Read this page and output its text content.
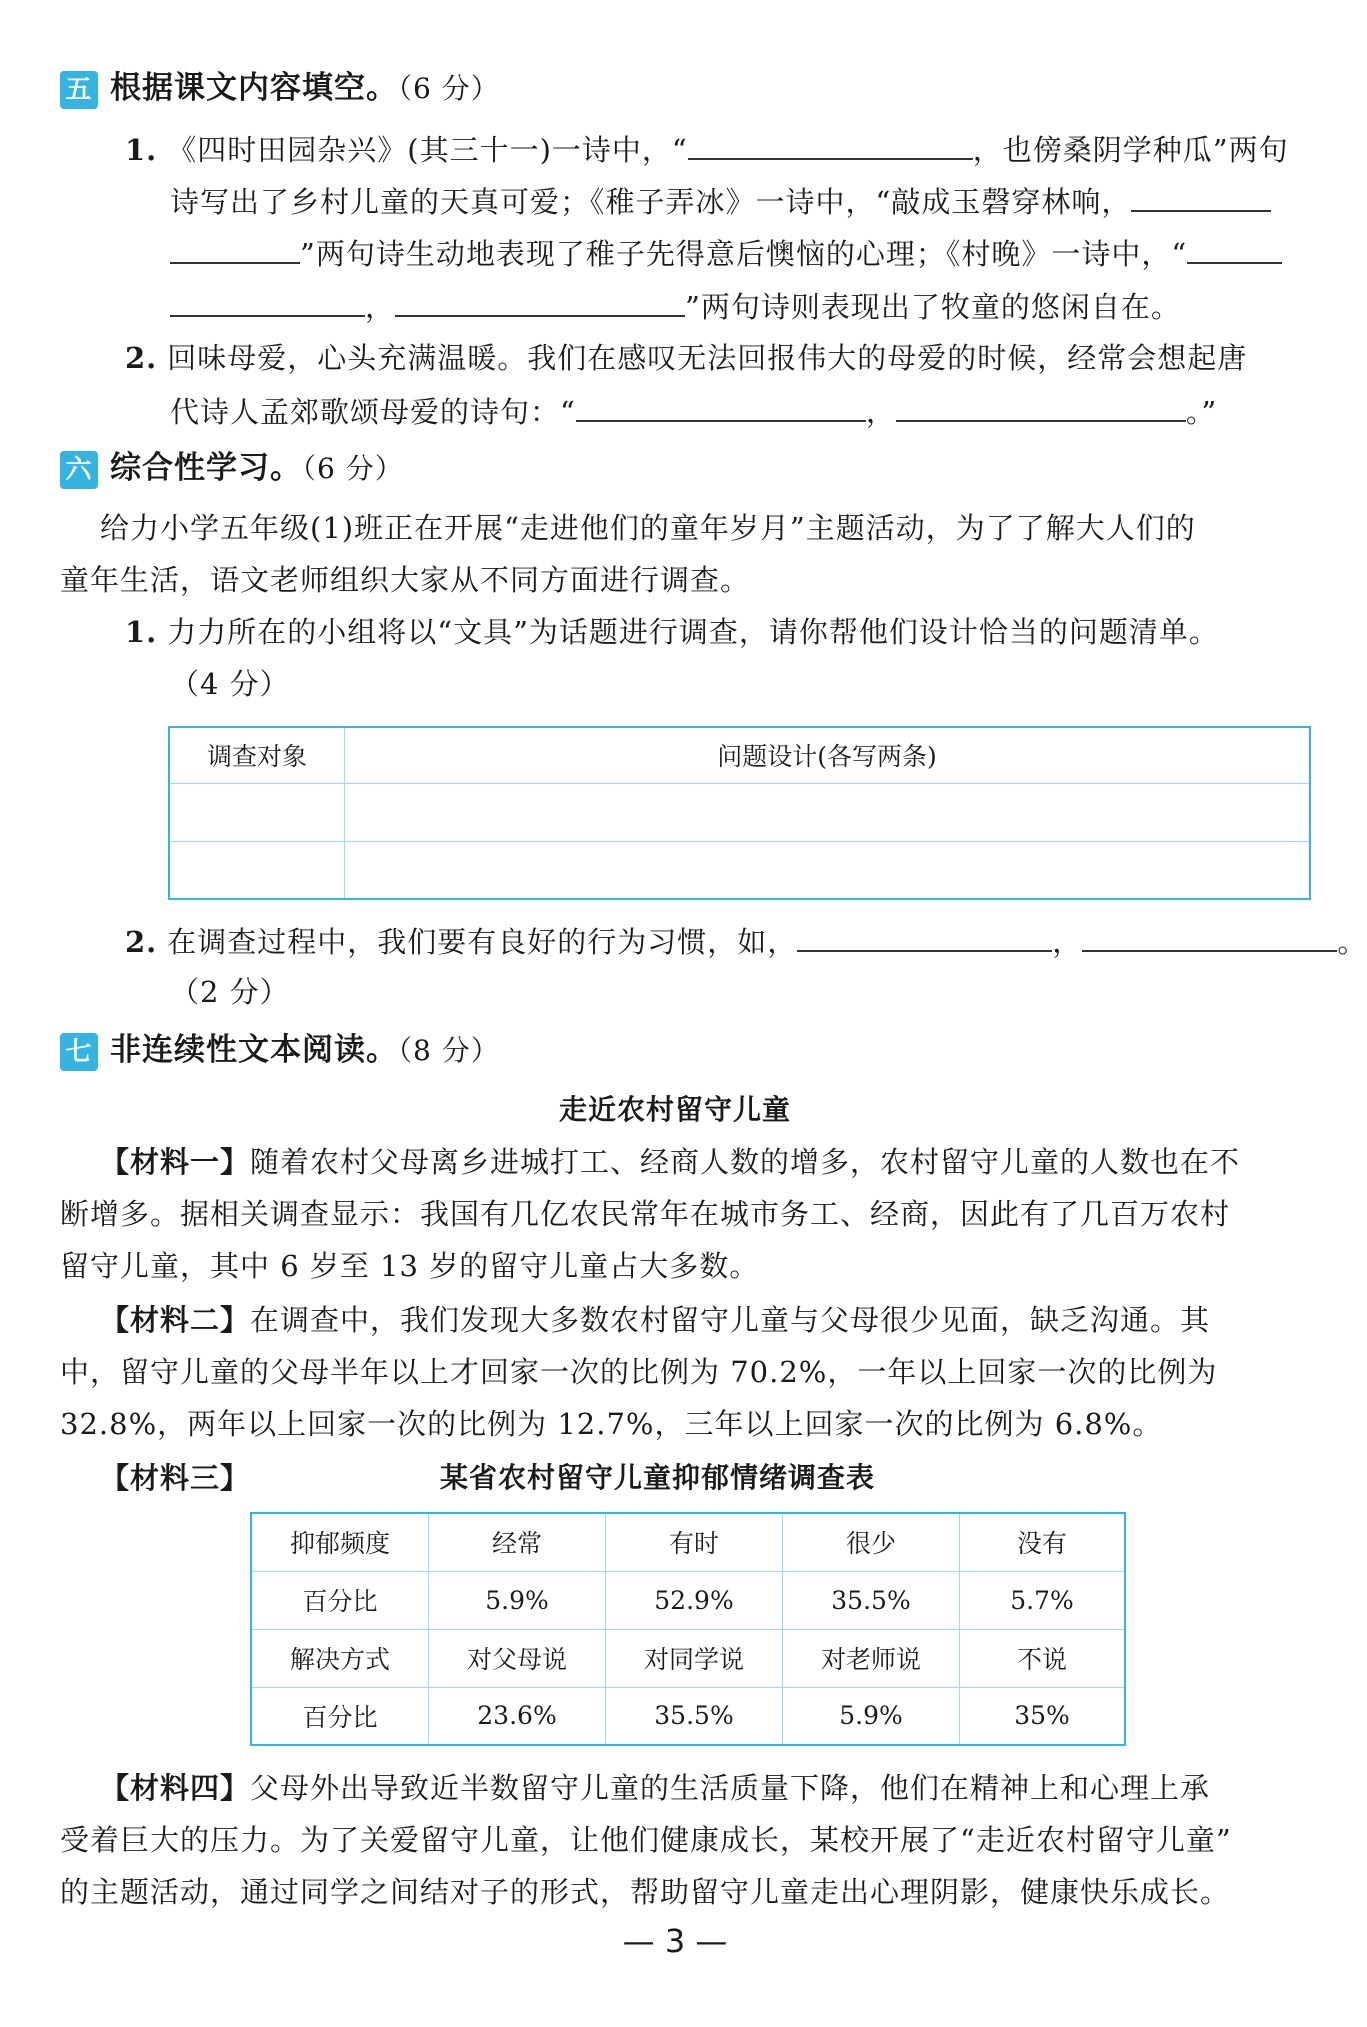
五 根据课文内容填空。（6 分）
1. 《四时田园杂兴》(其三十一)一诗中，“	，也傍桑阴学种瓜”两句
诗写出了乡村儿童的天真可爱；《稚子弄冰》一诗中，“敲成玉磬穿林响，
”两句诗生动地表现了稚子先得意后懊恼的心理；《村晚》一诗中，“
，	”两句诗则表现出了牧童的悠闲自在。
2. 回味母爱，心头充满温暖。我们在感叹无法回报伟大的母爱的时候，经常会想起唐
代诗人孟郊歌颂母爱的诗句：“	，	。”
六 综合性学习。（6 分）
给力小学五年级(1)班正在开展“走进他们的童年岁月”主题活动，为了了解大人们的
童年生活，语文老师组织大家从不同方面进行调查。
1. 力力所在的小组将以“文具”为话题进行调查，请你帮他们设计恰当的问题清单。
（4 分）
调查对象	问题设计(各写两条)

2. 在调查过程中，我们要有良好的行为习惯，如，	，	。
（2 分）
七 非连续性文本阅读。（8 分）
走近农村留守儿童
【材料一】随着农村父母离乡进城打工、经商人数的增多，农村留守儿童的人数也在不
断增多。据相关调查显示：我国有几亿农民常年在城市务工、经商，因此有了几百万农村
留守儿童，其中 6 岁至 13 岁的留守儿童占大多数。
【材料二】在调查中，我们发现大多数农村留守儿童与父母很少见面，缺乏沟通。其
中，留守儿童的父母半年以上才回家一次的比例为 70.2%，一年以上回家一次的比例为
32.8%，两年以上回家一次的比例为 12.7%，三年以上回家一次的比例为 6.8%。
【材料三】	某省农村留守儿童抑郁情绪调查表
抑郁频度	经常	有时	很少	没有
百分比	5.9%	52.9%	35.5%	5.7%
解决方式	对父母说	对同学说	对老师说	不说
百分比	23.6%	35.5%	5.9%	35%
【材料四】父母外出导致近半数留守儿童的生活质量下降，他们在精神上和心理上承
受着巨大的压力。为了关爱留守儿童，让他们健康成长，某校开展了“走近农村留守儿童”
的主题活动，通过同学之间结对子的形式，帮助留守儿童走出心理阴影，健康快乐成长。
— 3 —
